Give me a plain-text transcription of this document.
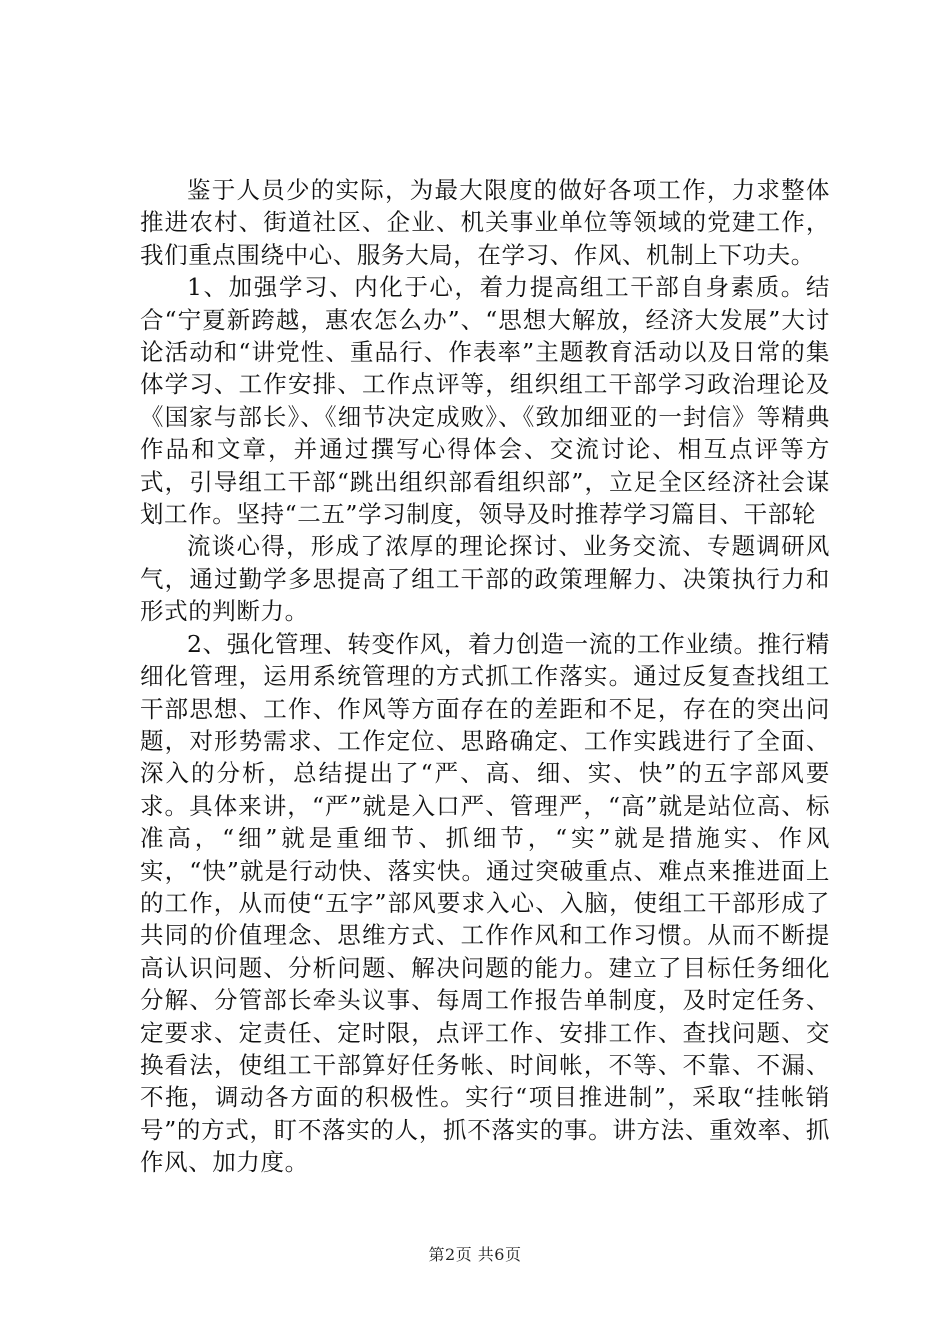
鉴于人员少的实际，为最大限度的做好各项工作，力求整体推进农村、街道社区、企业、机关事业单位等领域的党建工作，我们重点围绕中心、服务大局，在学习、作风、机制上下功夫。

1、加强学习、内化于心，着力提高组工干部自身素质。结合“宁夏新跨越，惠农怎么办”、“思想大解放，经济大发展”大讨论活动和“讲党性、重品行、作表率”主题教育活动以及日常的集体学习、工作安排、工作点评等，组织组工干部学习政治理论及《国家与部长》、《细节决定成败》、《致加细亚的一封信》等精典作品和文章，并通过撰写心得体会、交流讨论、相互点评等方式，引导组工干部“跳出组织部看组织部”，立足全区经济社会谋划工作。坚持“二五”学习制度，领导及时推荐学习篇目、干部轮

流谈心得，形成了浓厚的理论探讨、业务交流、专题调研风气，通过勤学多思提高了组工干部的政策理解力、决策执行力和形式的判断力。

2、强化管理、转变作风，着力创造一流的工作业绩。推行精细化管理，运用系统管理的方式抓工作落实。通过反复查找组工干部思想、工作、作风等方面存在的差距和不足，存在的突出问题，对形势需求、工作定位、思路确定、工作实践进行了全面、深入的分析，总结提出了“严、高、细、实、快”的五字部风要求。具体来讲，“严”就是入口严、管理严，“高”就是站位高、标准高，“细”就是重细节、抓细节，“实”就是措施实、作风实，“快”就是行动快、落实快。通过突破重点、难点来推进面上的工作，从而使“五字”部风要求入心、入脑，使组工干部形成了共同的价值理念、思维方式、工作作风和工作习惯。从而不断提高认识问题、分析问题、解决问题的能力。建立了目标任务细化分解、分管部长牵头议事、每周工作报告单制度，及时定任务、定要求、定责任、定时限，点评工作、安排工作、查找问题、交换看法，使组工干部算好任务帐、时间帐，不等、不靠、不漏、不拖，调动各方面的积极性。实行“项目推进制”，采取“挂帐销号”的方式，盯不落实的人，抓不落实的事。讲方法、重效率、抓作风、加力度。

第2页 共6页
